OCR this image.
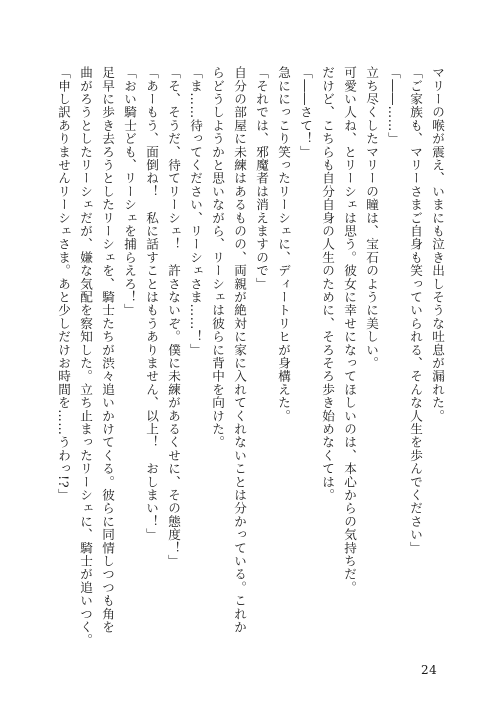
マリーの喉が震え、いまにも泣き出しそうな吐息が漏れた。
「ご家族も、マリーさまご自身も笑っていられる、そんな人生を歩んでください」
「――……」
立ち尽くしたマリーの瞳は、宝石のように美しい。
可愛い人ね、とリーシェは思う。彼女に幸せになってほしいのは、本心からの気持ちだ。
だけど、こちらも自分自身の人生のために、そろそろ歩き始めなくては。
「――さて！」
急ににっこり笑ったリーシェに、ディートリヒが身構えた。
「それでは、邪魔者は消えますので」
自分の部屋に未練はあるものの、両親が絶対に家に入れてくれないことは分かっている。これか
らどうしようかと思いながら、リーシェは彼らに背中を向けた。
「ま……待ってください、リーシェさま……！」
「そ、そうだ、待てリーシェ！　許さないぞ。僕に未練があるくせに、その態度！」
「あーもう、面倒ね！　私に話すことはもうありません、以上！　おしまい！」
「おい騎士ども、リーシェを捕らえろ！」
足早に歩き去ろうとしたリーシェを、騎士たちが渋々追いかけてくる。彼らに同情しつつも角を
曲がろうとしたリーシェだが、嫌な気配を察知した。立ち止まったリーシェに、騎士が追いつく。
「申し訳ありませんリーシェさま。あと少しだけお時間を……うわっ!?」
24
